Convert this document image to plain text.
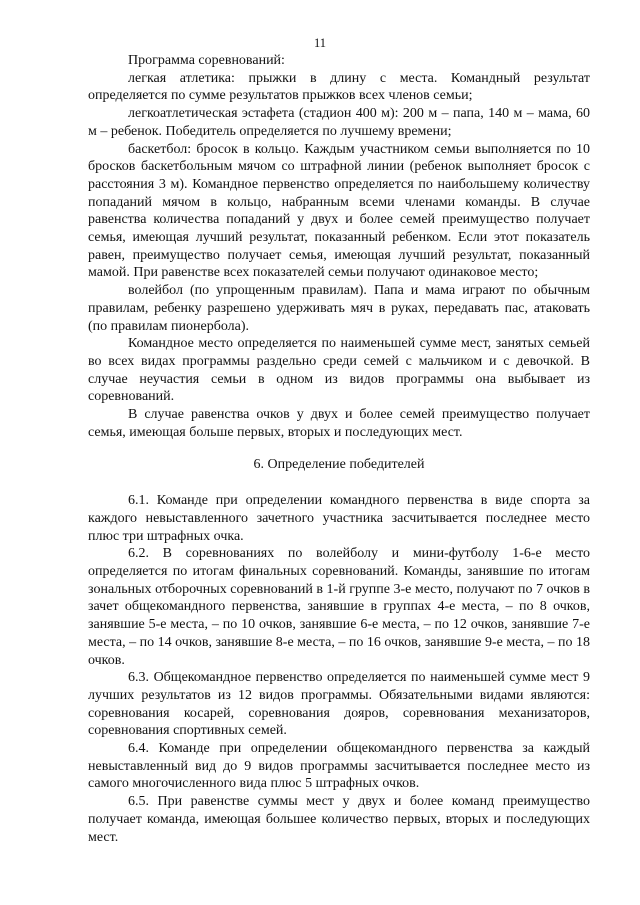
11

Программа соревнований:

легкая атлетика: прыжки в длину с места. Командный результат определяется по сумме результатов прыжков всех членов семьи;

легкоатлетическая эстафета (стадион 400 м): 200 м – папа, 140 м – мама, 60 м – ребенок. Победитель определяется по лучшему времени;

баскетбол: бросок в кольцо. Каждым участником семьи выполняется по 10 бросков баскетбольным мячом со штрафной линии (ребенок выполняет бросок с расстояния 3 м). Командное первенство определяется по наибольшему количеству попаданий мячом в кольцо, набранным всеми членами команды. В случае равенства количества попаданий у двух и более семей преимущество получает семья, имеющая лучший результат, показанный ребенком. Если этот показатель равен, преимущество получает семья, имеющая лучший результат, показанный мамой. При равенстве всех показателей семьи получают одинаковое место;

волейбол (по упрощенным правилам). Папа и мама играют по обычным правилам, ребенку разрешено удерживать мяч в руках, передавать пас, атаковать (по правилам пионербола).

Командное место определяется по наименьшей сумме мест, занятых семьей во всех видах программы раздельно среди семей с мальчиком и с девочкой. В случае неучастия семьи в одном из видов программы она выбывает из соревнований.

В случае равенства очков у двух и более семей преимущество получает семья, имеющая больше первых, вторых и последующих мест.

6. Определение победителей

6.1. Команде при определении командного первенства в виде спорта за каждого невыставленного зачетного участника засчитывается последнее место плюс три штрафных очка.

6.2. В соревнованиях по волейболу и мини-футболу 1-6-е место определяется по итогам финальных соревнований. Команды, занявшие по итогам зональных отборочных соревнований в 1-й группе 3-е место, получают по 7 очков в зачет общекомандного первенства, занявшие в группах 4-е места, – по 8 очков, занявшие 5-е места, – по 10 очков, занявшие 6-е места, – по 12 очков, занявшие 7-е места, – по 14 очков, занявшие 8-е места, – по 16 очков, занявшие 9-е места, – по 18 очков.

6.3. Общекомандное первенство определяется по наименьшей сумме мест 9 лучших результатов из 12 видов программы. Обязательными видами являются: соревнования косарей, соревнования дояров, соревнования механизаторов, соревнования спортивных семей.

6.4. Команде при определении общекомандного первенства за каждый невыставленный вид до 9 видов программы засчитывается последнее место из самого многочисленного вида плюс 5 штрафных очков.

6.5. При равенстве суммы мест у двух и более команд преимущество получает команда, имеющая большее количество первых, вторых и последующих мест.
